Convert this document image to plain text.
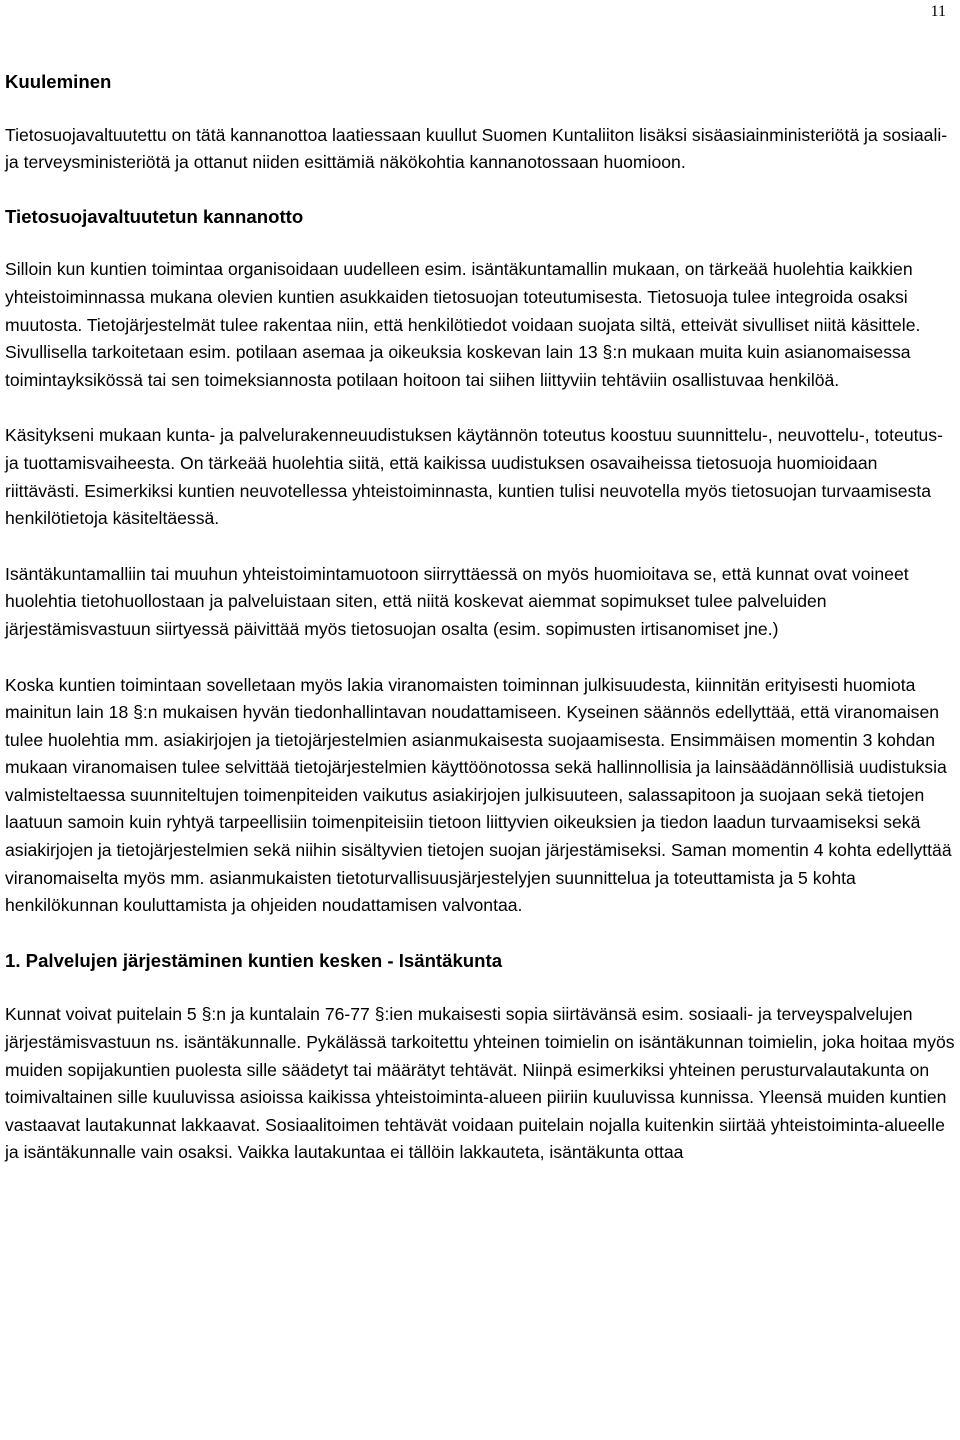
11
Kuuleminen

Tietosuojavaltuutettu on tätä kannanottoa laatiessaan kuullut Suomen Kuntaliiton lisäksi sisäasiainministeriötä ja sosiaali- ja terveysministeriötä ja ottanut niiden esittämiä näkökohtia kannanotossaan huomioon.

Tietosuojavaltuutetun kannanotto

Silloin kun kuntien toimintaa organisoidaan uudelleen esim. isäntäkuntamallin mukaan, on tärkeää huolehtia kaikkien yhteistoiminnassa mukana olevien kuntien asukkaiden tietosuojan toteutumisesta. Tietosuoja tulee integroida osaksi muutosta. Tietojärjestelmät tulee rakentaa niin, että henkilötiedot voidaan suojata siltä, etteivät sivulliset niitä käsittele. Sivullisella tarkoitetaan esim. potilaan asemaa ja oikeuksia koskevan lain 13 §:n mukaan muita kuin asianomaisessa toimintayksikössä tai sen toimeksiannosta potilaan hoitoon tai siihen liittyviin tehtäviin osallistuvaa henkilöä.

Käsitykseni mukaan kunta- ja palvelurakenneuudistuksen käytännön toteutus koostuu suunnittelu-, neuvottelu-, toteutus- ja tuottamisvaiheesta. On tärkeää huolehtia siitä, että kaikissa uudistuksen osavaiheissa tietosuoja huomioidaan riittävästi. Esimerkiksi kuntien neuvotellessa yhteistoiminnasta, kuntien tulisi neuvotella myös tietosuojan turvaamisesta henkilötietoja käsiteltäessä.

Isäntäkuntamalliin tai muuhun yhteistoimintamuotoon siirryttäessä on myös huomioitava se, että kunnat ovat voineet huolehtia tietohuollostaan ja palveluistaan siten, että niitä koskevat aiemmat sopimukset tulee palveluiden järjestämisvastuun siirtyessä päivittää myös tietosuojan osalta (esim. sopimusten irtisanomiset jne.)

Koska kuntien toimintaan sovelletaan myös lakia viranomaisten toiminnan julkisuudesta, kiinnitän erityisesti huomiota mainitun lain 18 §:n mukaisen hyvän tiedonhallintavan noudattamiseen. Kyseinen säännös edellyttää, että viranomaisen tulee huolehtia mm. asiakirjojen ja tietojärjestelmien asianmukaisesta suojaamisesta. Ensimmäisen momentin 3 kohdan mukaan viranomaisen tulee selvittää tietojärjestelmien käyttöönotossa sekä hallinnollisia ja lainsäädännöllisiä uudistuksia valmisteltaessa suunniteltujen toimenpiteiden vaikutus asiakirjojen julkisuuteen, salassapitoon ja suojaan sekä tietojen laatuun samoin kuin ryhtyä tarpeellisiin toimenpiteisiin tietoon liittyvien oikeuksien ja tiedon laadun turvaamiseksi sekä asiakirjojen ja tietojärjestelmien sekä niihin sisältyvien tietojen suojan järjestämiseksi. Saman momentin 4 kohta edellyttää viranomaiselta myös mm. asianmukaisten tietoturvallisuusjärjestelyjen suunnittelua ja toteuttamista ja 5 kohta henkilökunnan kouluttamista ja ohjeiden noudattamisen valvontaa.

1. Palvelujen järjestäminen kuntien kesken - Isäntäkunta

Kunnat voivat puitelain 5 §:n ja kuntalain 76-77 §:ien mukaisesti sopia siirtävänsä esim. sosiaali- ja terveyspalvelujen järjestämisvastuun ns. isäntäkunnalle. Pykälässä tarkoitettu yhteinen toimielin on isäntäkunnan toimielin, joka hoitaa myös muiden sopijakuntien puolesta sille säädetyt tai määrätyt tehtävät. Niinpä esimerkiksi yhteinen perusturvalautakunta on toimivaltainen sille kuuluvissa asioissa kaikissa yhteistoiminta-alueen piiriin kuuluvissa kunnissa. Yleensä muiden kuntien vastaavat lautakunnat lakkaavat. Sosiaalitoimen tehtävät voidaan puitelain nojalla kuitenkin siirtää yhteistoiminta-alueelle ja isäntäkunnalle vain osaksi. Vaikka lautakuntaa ei tällöin lakkauteta, isäntäkunta ottaa
